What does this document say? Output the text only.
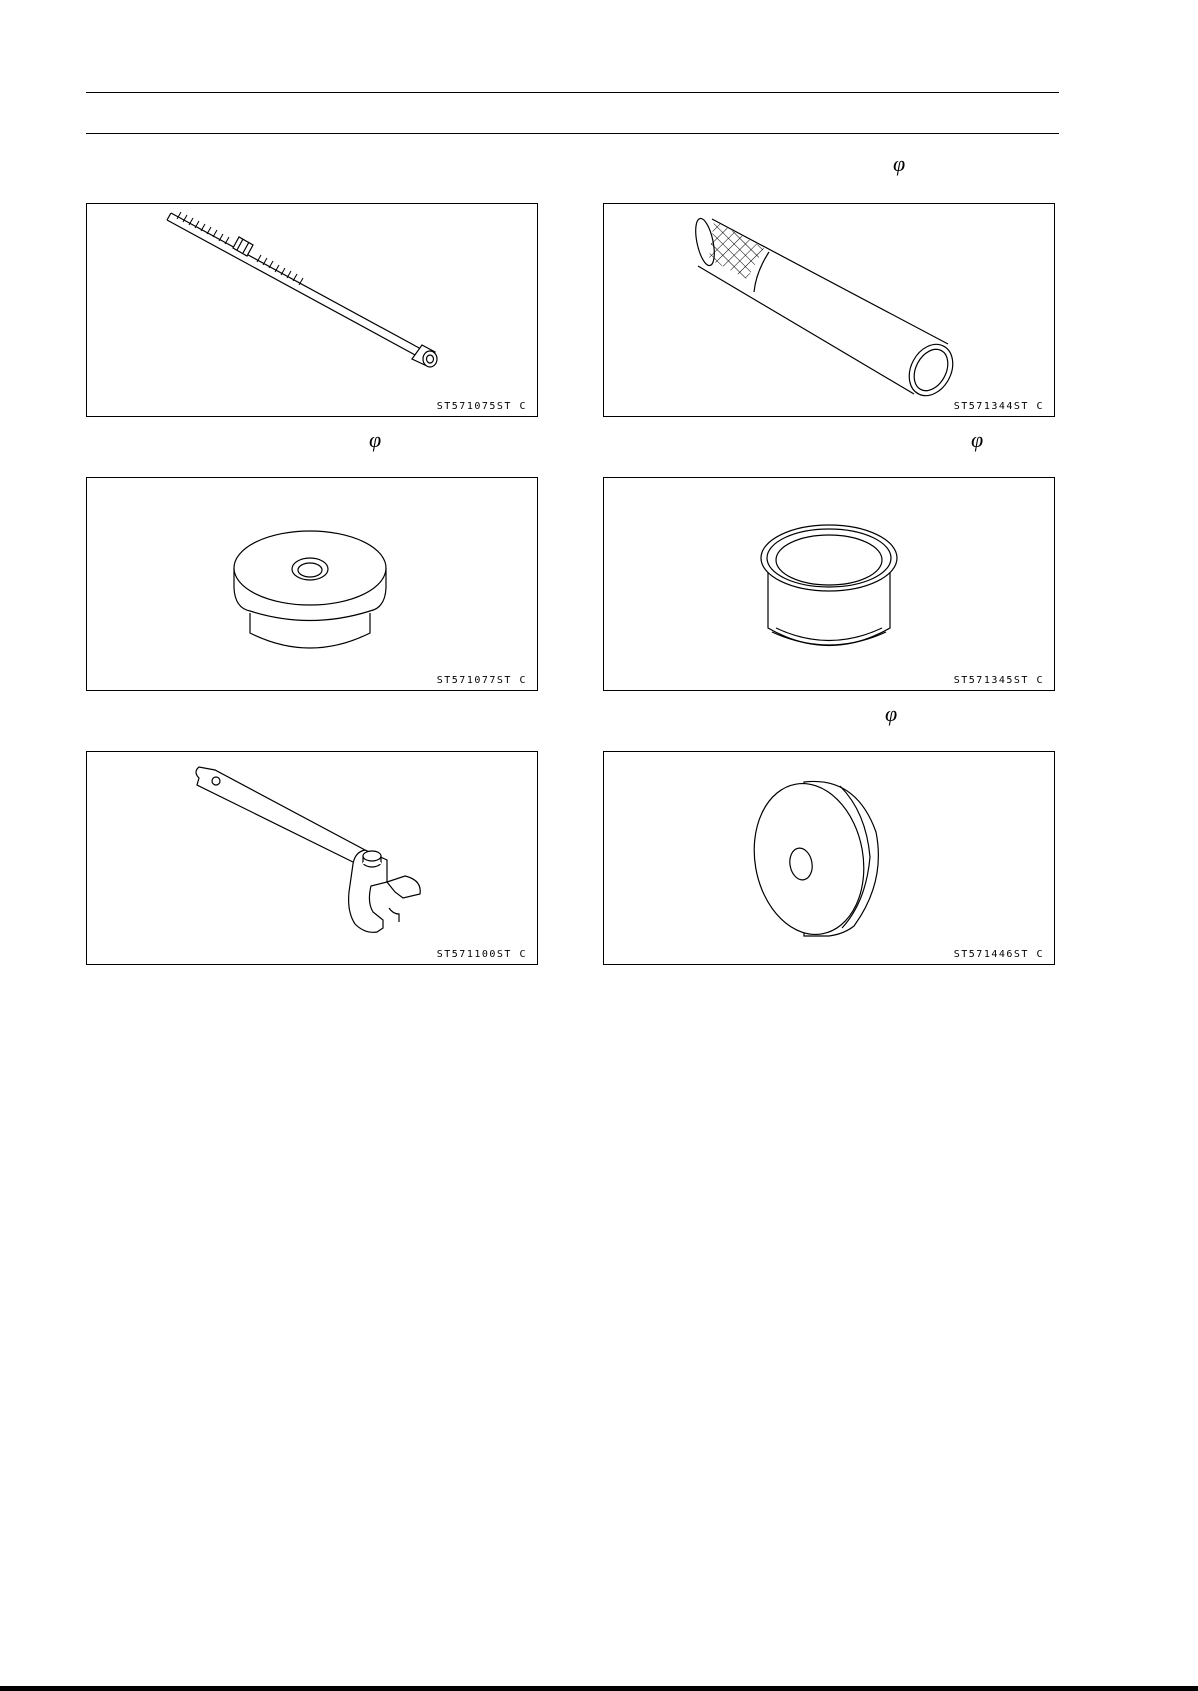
φ
ST571075ST C	ST571344ST C
φ	φ
ST571077ST C	ST571345ST C
φ
ST571100ST C	ST571446ST C
